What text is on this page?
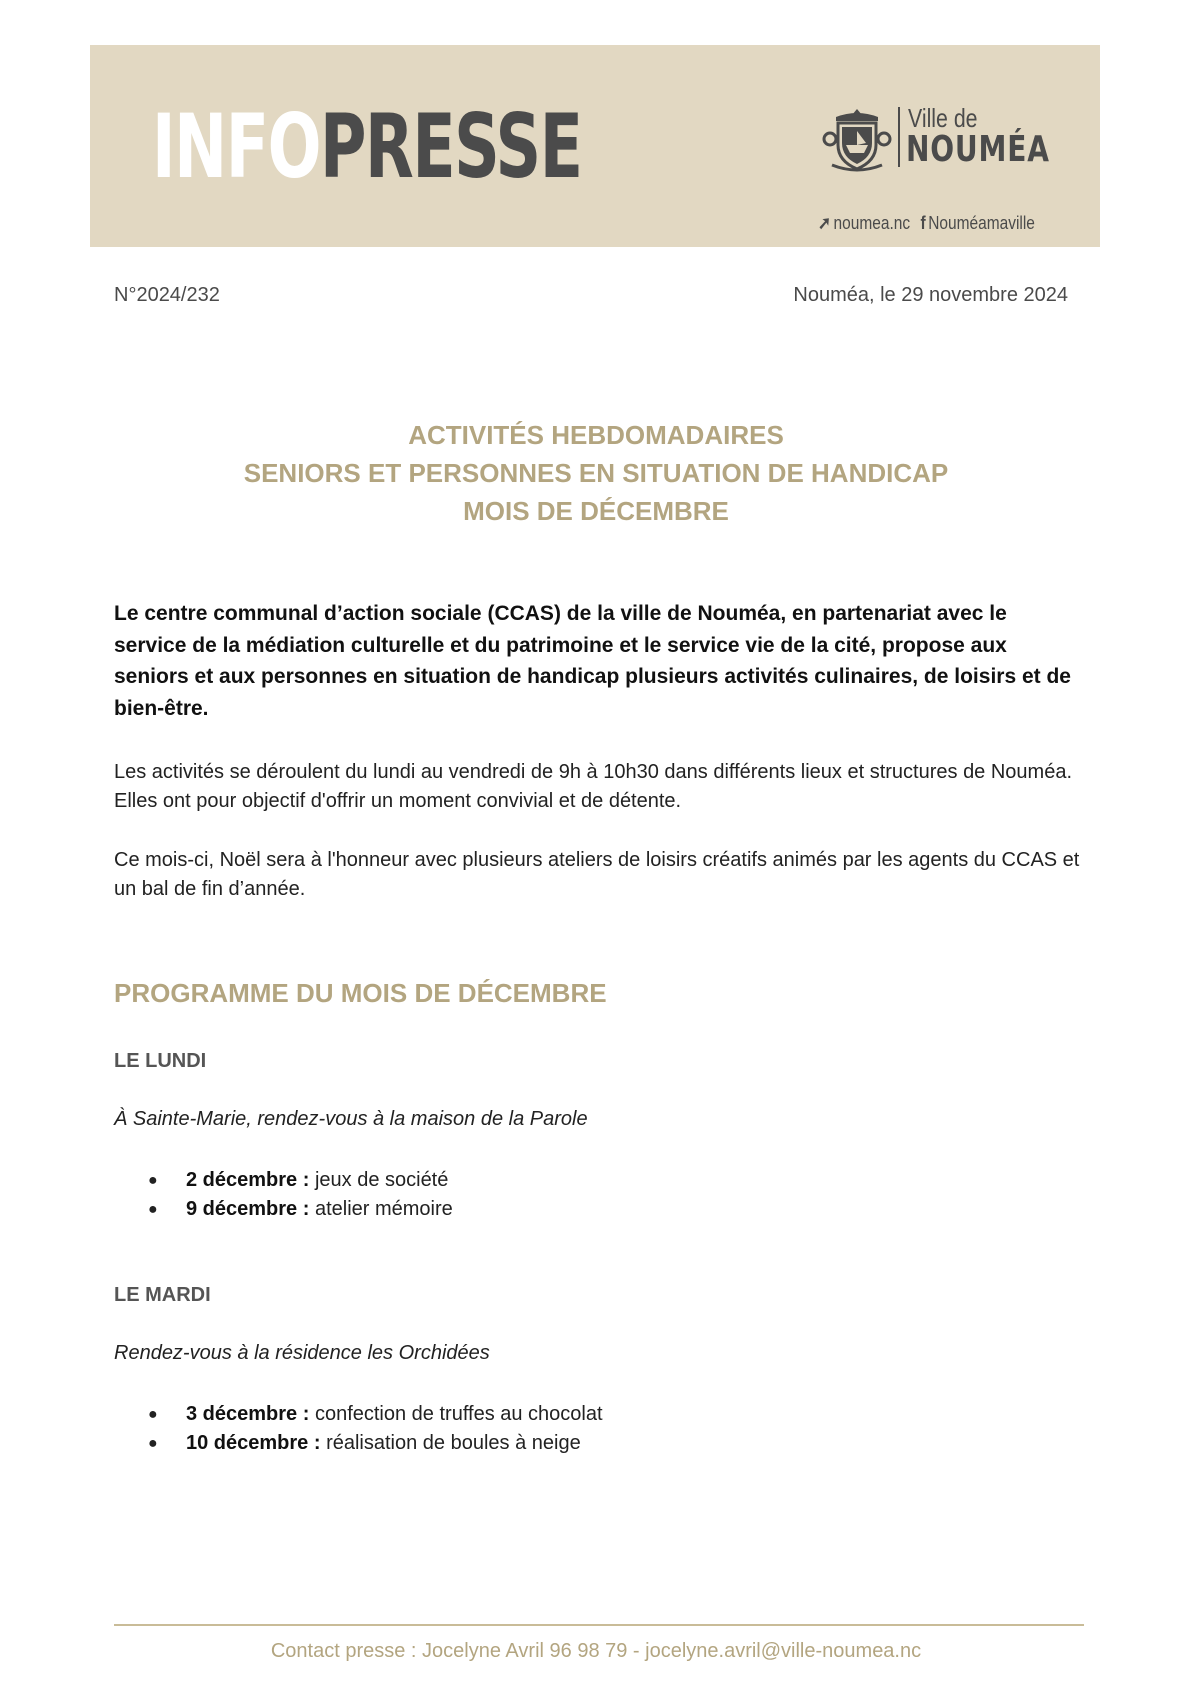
INFOPRESSE	Ville de
NOUMÉA
➚ noumea.nc f Nouméamaville
N°2024/232	Nouméa, le 29 novembre 2024
ACTIVITÉS HEBDOMADAIRES
SENIORS ET PERSONNES EN SITUATION DE HANDICAP
MOIS DE DÉCEMBRE
Le centre communal d’action sociale (CCAS) de la ville de Nouméa, en partenariat avec le service de la médiation culturelle et du patrimoine et le service vie de la cité, propose aux seniors et aux personnes en situation de handicap plusieurs activités culinaires, de loisirs et de bien-être.
Les activités se déroulent du lundi au vendredi de 9h à 10h30 dans différents lieux et structures de Nouméa. Elles ont pour objectif d'offrir un moment convivial et de détente.
Ce mois-ci, Noël sera à l'honneur avec plusieurs ateliers de loisirs créatifs animés par les agents du CCAS et un bal de fin d’année.
PROGRAMME DU MOIS DE DÉCEMBRE
LE LUNDI
À Sainte-Marie, rendez-vous à la maison de la Parole
● 2 décembre : jeux de société
● 9 décembre : atelier mémoire
LE MARDI
Rendez-vous à la résidence les Orchidées
● 3 décembre : confection de truffes au chocolat
● 10 décembre : réalisation de boules à neige
Contact presse : Jocelyne Avril 96 98 79 - jocelyne.avril@ville-noumea.nc
